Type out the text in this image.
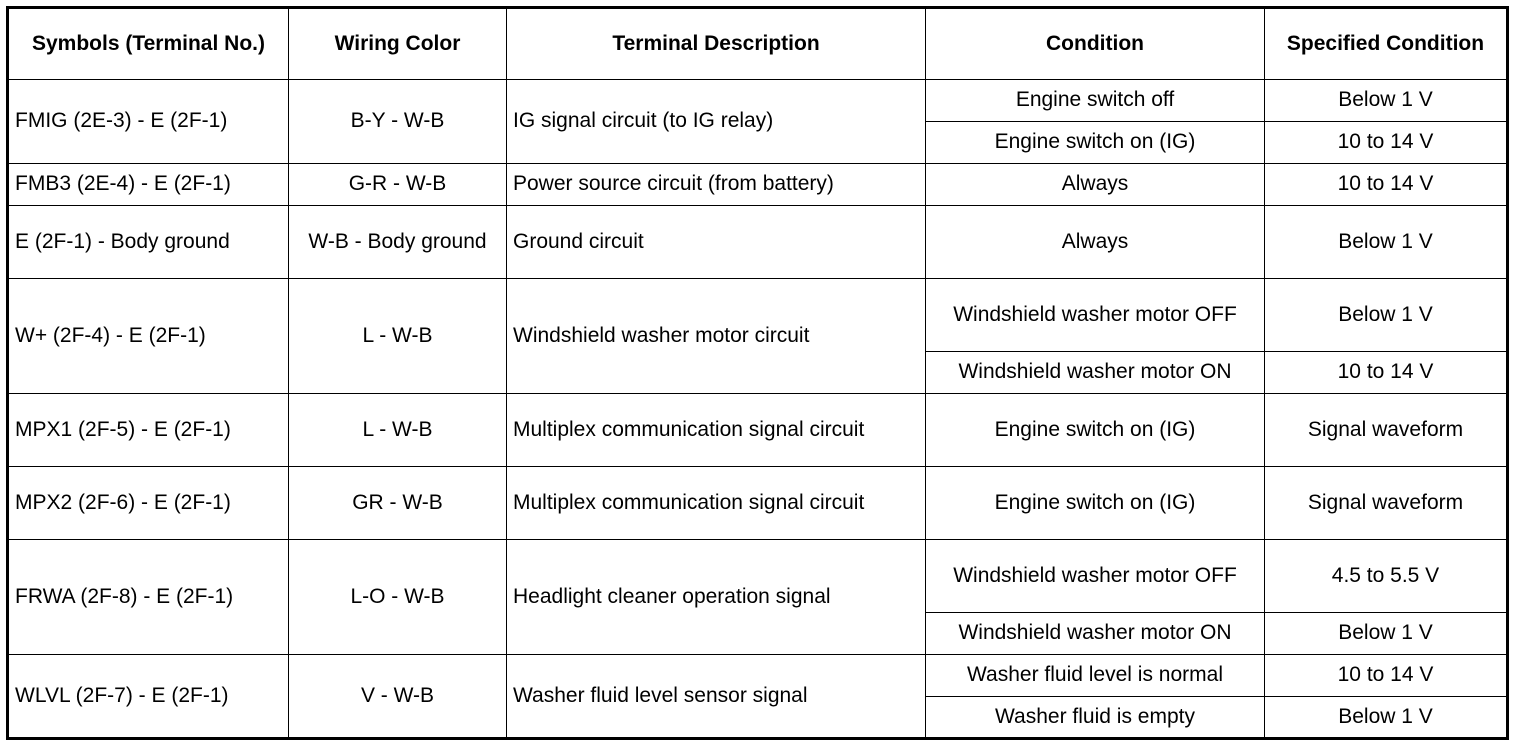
Symbols (Terminal No.)	Wiring Color	Terminal Description	Condition	Specified Condition
FMIG (2E-3) - E (2F-1)	B-Y - W-B	IG signal circuit (to IG relay)	Engine switch off	Below 1 V
			Engine switch on (IG)	10 to 14 V
FMB3 (2E-4) - E (2F-1)	G-R - W-B	Power source circuit (from battery)	Always	10 to 14 V
E (2F-1) - Body ground	W-B - Body ground	Ground circuit	Always	Below 1 V
W+ (2F-4) - E (2F-1)	L - W-B	Windshield washer motor circuit	Windshield washer motor OFF	Below 1 V
			Windshield washer motor ON	10 to 14 V
MPX1 (2F-5) - E (2F-1)	L - W-B	Multiplex communication signal circuit	Engine switch on (IG)	Signal waveform
MPX2 (2F-6) - E (2F-1)	GR - W-B	Multiplex communication signal circuit	Engine switch on (IG)	Signal waveform
FRWA (2F-8) - E (2F-1)	L-O - W-B	Headlight cleaner operation signal	Windshield washer motor OFF	4.5 to 5.5 V
			Windshield washer motor ON	Below 1 V
WLVL (2F-7) - E (2F-1)	V - W-B	Washer fluid level sensor signal	Washer fluid level is normal	10 to 14 V
			Washer fluid is empty	Below 1 V
